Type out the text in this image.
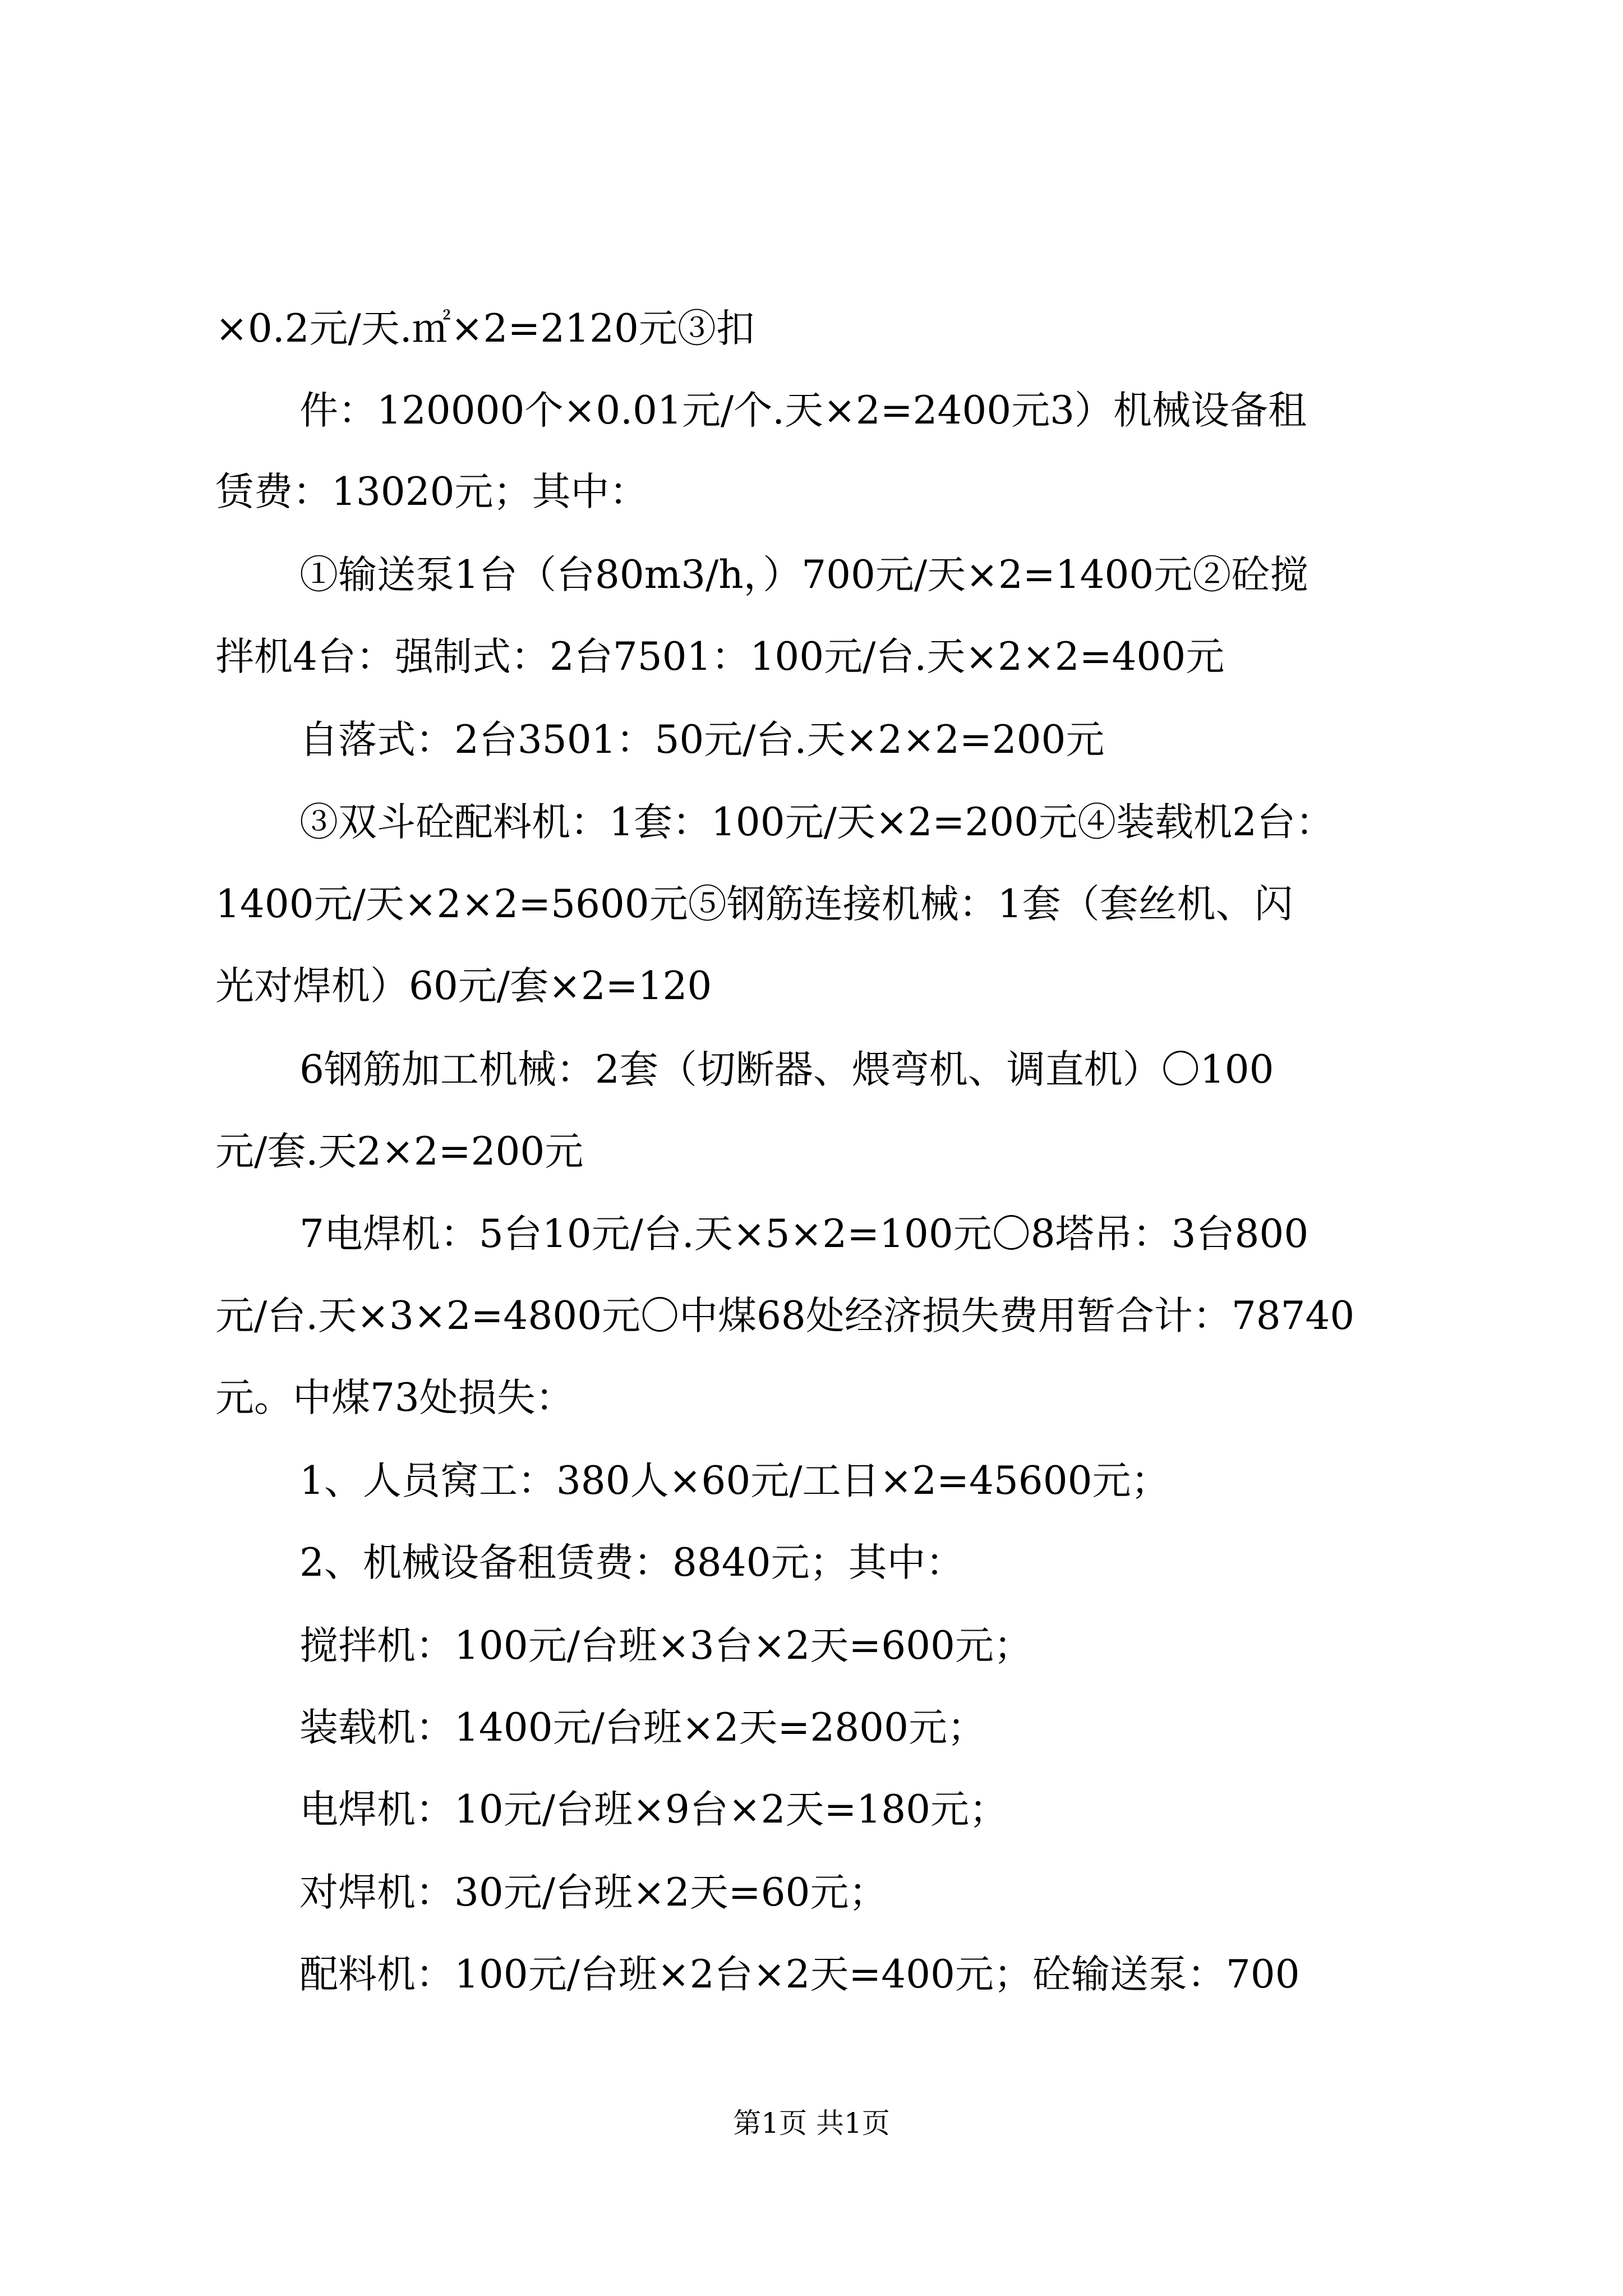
×0.2元/天.㎡×2=2120元③扣
件：120000个×0.01元/个.天×2=2400元3）机械设备租
赁费：13020元；其中：
①输送泵1台（台80m3/h，）700元/天×2=1400元②砼搅
拌机4台：强制式：2台7501：100元/台.天×2×2=400元
自落式：2台3501：50元/台.天×2×2=200元
③双斗砼配料机：1套：100元/天×2=200元④装载机2台：
1400元/天×2×2=5600元⑤钢筋连接机械：1套（套丝机、闪
光对焊机）60元/套×2=120
6钢筋加工机械：2套（切断器、煨弯机、调直机）〇100
元/套.天2×2=200元
7电焊机：5台10元/台.天×5×2=100元〇8塔吊：3台800
元/台.天×3×2=4800元〇中煤68处经济损失费用暂合计：78740
元。中煤73处损失：
1、人员窝工：380人×60元/工日×2=45600元；
2、机械设备租赁费：8840元；其中：
搅拌机：100元/台班×3台×2天=600元；
装载机：1400元/台班×2天=2800元；
电焊机：10元/台班×9台×2天=180元；
对焊机：30元/台班×2天=60元；
配料机：100元/台班×2台×2天=400元；砼输送泵：700
第1页 共1页
